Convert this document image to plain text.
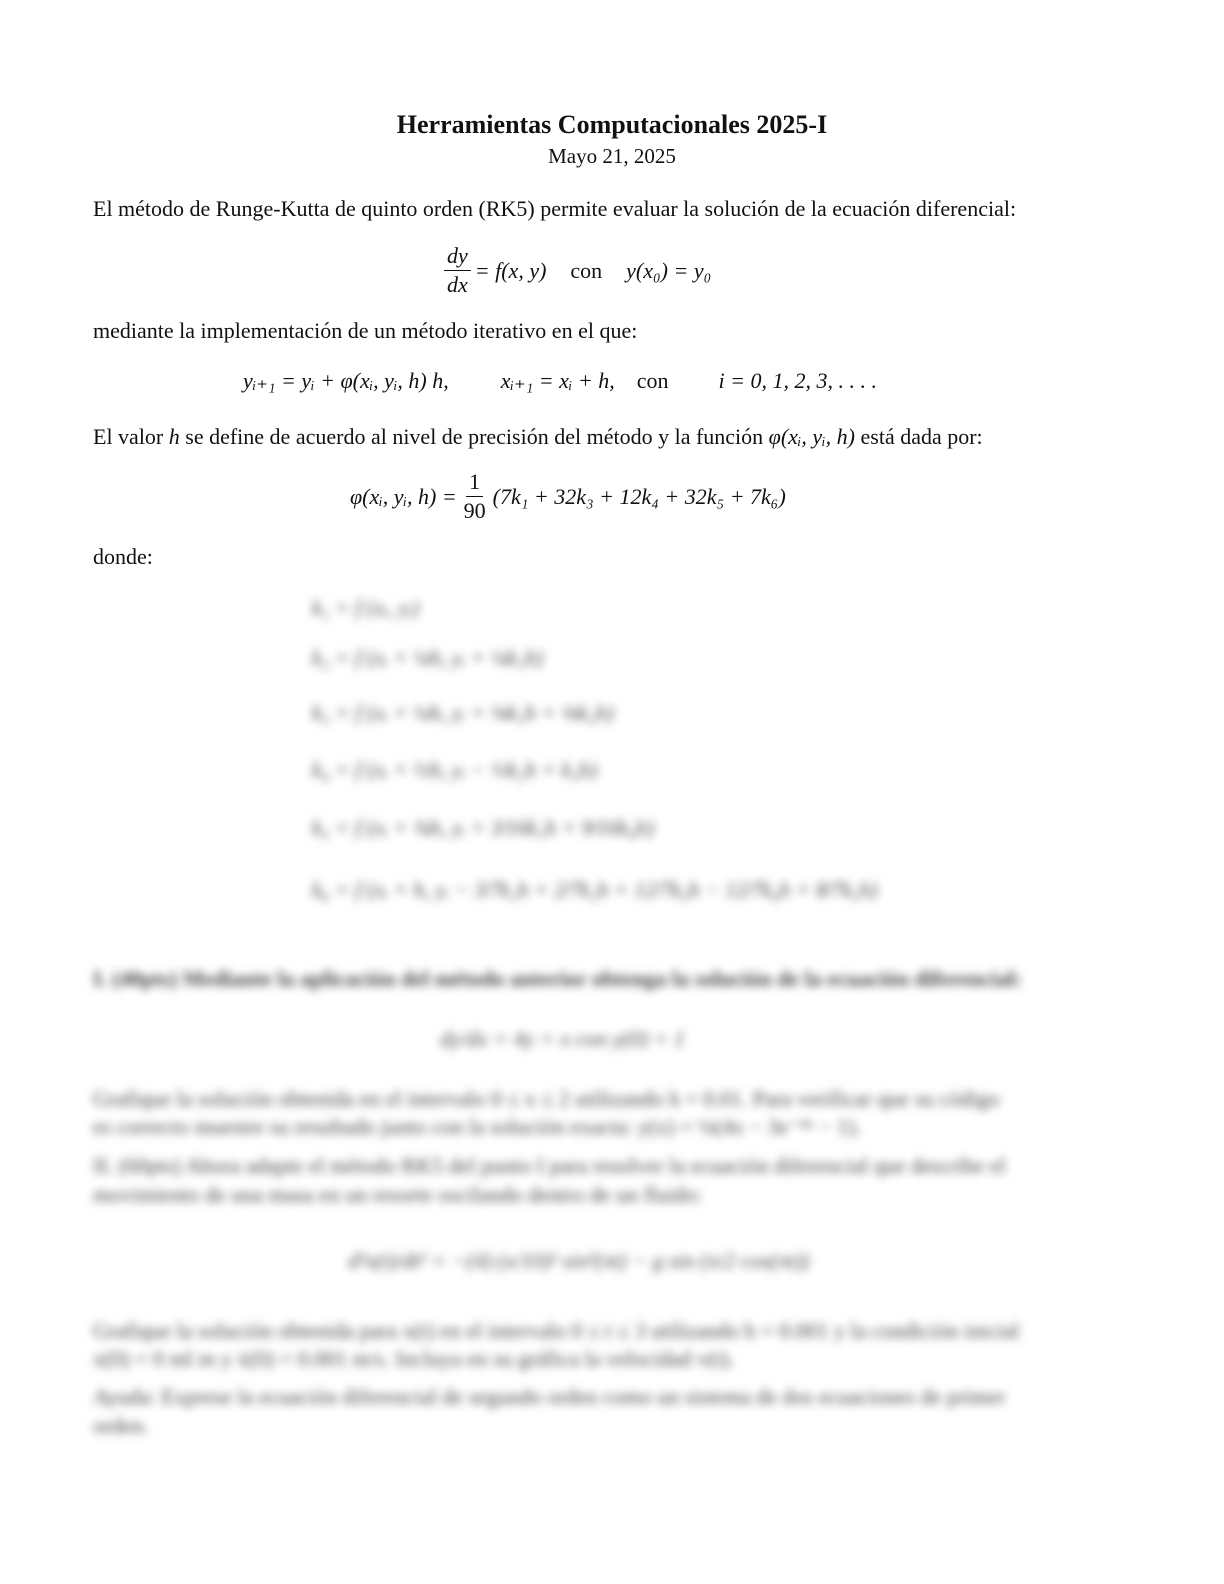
Herramientas Computacionales 2025-I
Mayo 21, 2025
El método de Runge-Kutta de quinto orden (RK5) permite evaluar la solución de la ecuación diferencial:
$\frac{dy}{dx} = f(x$, y) con y(x₀) = y₀
mediante la implementación de un método iterativo en el que:
yᵢ₊₁ = yᵢ + φ(xᵢ, yᵢ, h) h, xᵢ₊₁ = xᵢ + h, con i = 0, 1, 2, 3, . . . .
El valor h se define de acuerdo al nivel de precisión del método y la función φ(xᵢ, yᵢ, h) está dada por:
φ(xᵢ, yᵢ, $h) = \frac{1}{90} (7k_1 + 32k_3 + 12k_4 + 32k_5 + 7k_6)$
donde:
k₁ = f (xᵢ, yᵢ)
k₂ = f (xᵢ + ¼h, yᵢ + ¼k₁h)
k₃ = f (xᵢ + ¼h, yᵢ + ⅛k₁h + ⅛k₂h)
k₄ = f (xᵢ + ½h, yᵢ − ½k₂h + k₃h)
k₅ = f (xᵢ + ¾h, yᵢ + 3⁄16k₁h + 9⁄16k₄h)
k₆ = f (xᵢ + h, yᵢ − 3⁄7k₁h + 2⁄7k₂h + 12⁄7k₃h − 12⁄7k₄h + 8⁄7k₅h)
I. (40pts) Mediante la aplicación del método anterior obtenga la solución de la ecuación diferencial:
dy/dx = 4y = x con y(0) = 1
Grafique la solución obtenida en el intervalo 0 ≤ x ≤ 2 utilizando h = 0.01. Para verificar que su código
es correcto muestre su resultado junto con la solución exacta: y(x) = ¼(4x − 3e⁻⁴ˣ − 1).
II. (60pts) Ahora adapte el método RK5 del punto I para resolver la ecuación diferencial que describe el
movimiento de una masa en un resorte oscilando dentro de un fluido:
d²x(t)/dt² = −(4) (x/10)² sin²(πt) − g sin (π/2 cos(πt))
Grafique la solución obtenida para x(t) en el intervalo 0 ≤ t ≤ 3 utilizando h = 0.001 y la condición inicial
x(0) = 0 ml m y ẋ(0) = 0.001 m/s. Incluya en su gráfica la velocidad v(t).
Ayuda: Exprese la ecuación diferencial de segundo orden como un sistema de dos ecuaciones de primer
orden.
